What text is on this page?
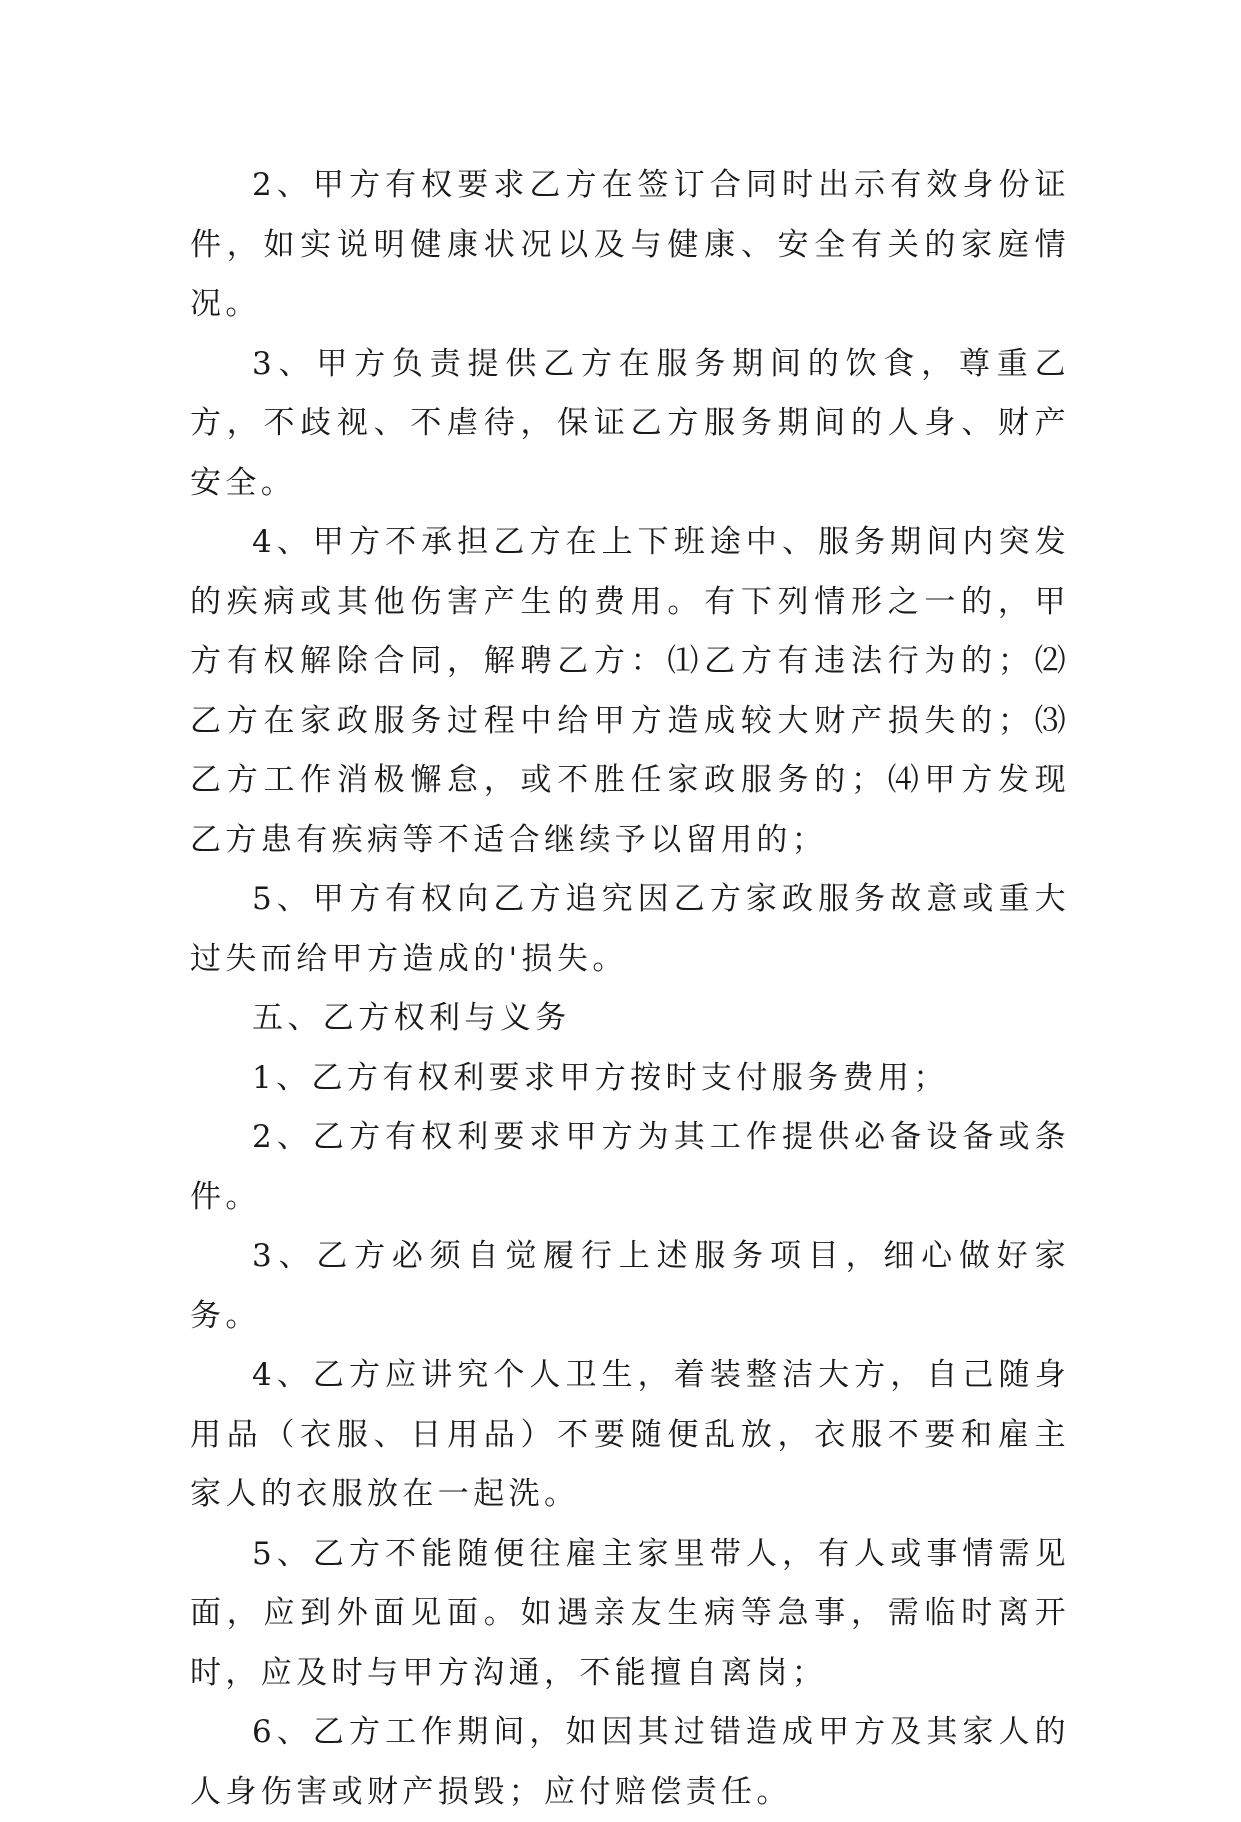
2、甲方有权要求乙方在签订合同时出示有效身份证件，如实说明健康状况以及与健康、安全有关的家庭情况。

3、甲方负责提供乙方在服务期间的饮食，尊重乙方，不歧视、不虐待，保证乙方服务期间的人身、财产安全。

4、甲方不承担乙方在上下班途中、服务期间内突发的疾病或其他伤害产生的费用。有下列情形之一的，甲方有权解除合同，解聘乙方：⑴乙方有违法行为的；⑵乙方在家政服务过程中给甲方造成较大财产损失的；⑶乙方工作消极懈怠，或不胜任家政服务的；⑷甲方发现乙方患有疾病等不适合继续予以留用的；

5、甲方有权向乙方追究因乙方家政服务故意或重大过失而给甲方造成的'损失。

五、乙方权利与义务

1、乙方有权利要求甲方按时支付服务费用；

2、乙方有权利要求甲方为其工作提供必备设备或条件。

3、乙方必须自觉履行上述服务项目，细心做好家务。

4、乙方应讲究个人卫生，着装整洁大方，自己随身用品（衣服、日用品）不要随便乱放，衣服不要和雇主家人的衣服放在一起洗。

5、乙方不能随便往雇主家里带人，有人或事情需见面，应到外面见面。如遇亲友生病等急事，需临时离开时，应及时与甲方沟通，不能擅自离岗；

6、乙方工作期间，如因其过错造成甲方及其家人的人身伤害或财产损毁；应付赔偿责任。
